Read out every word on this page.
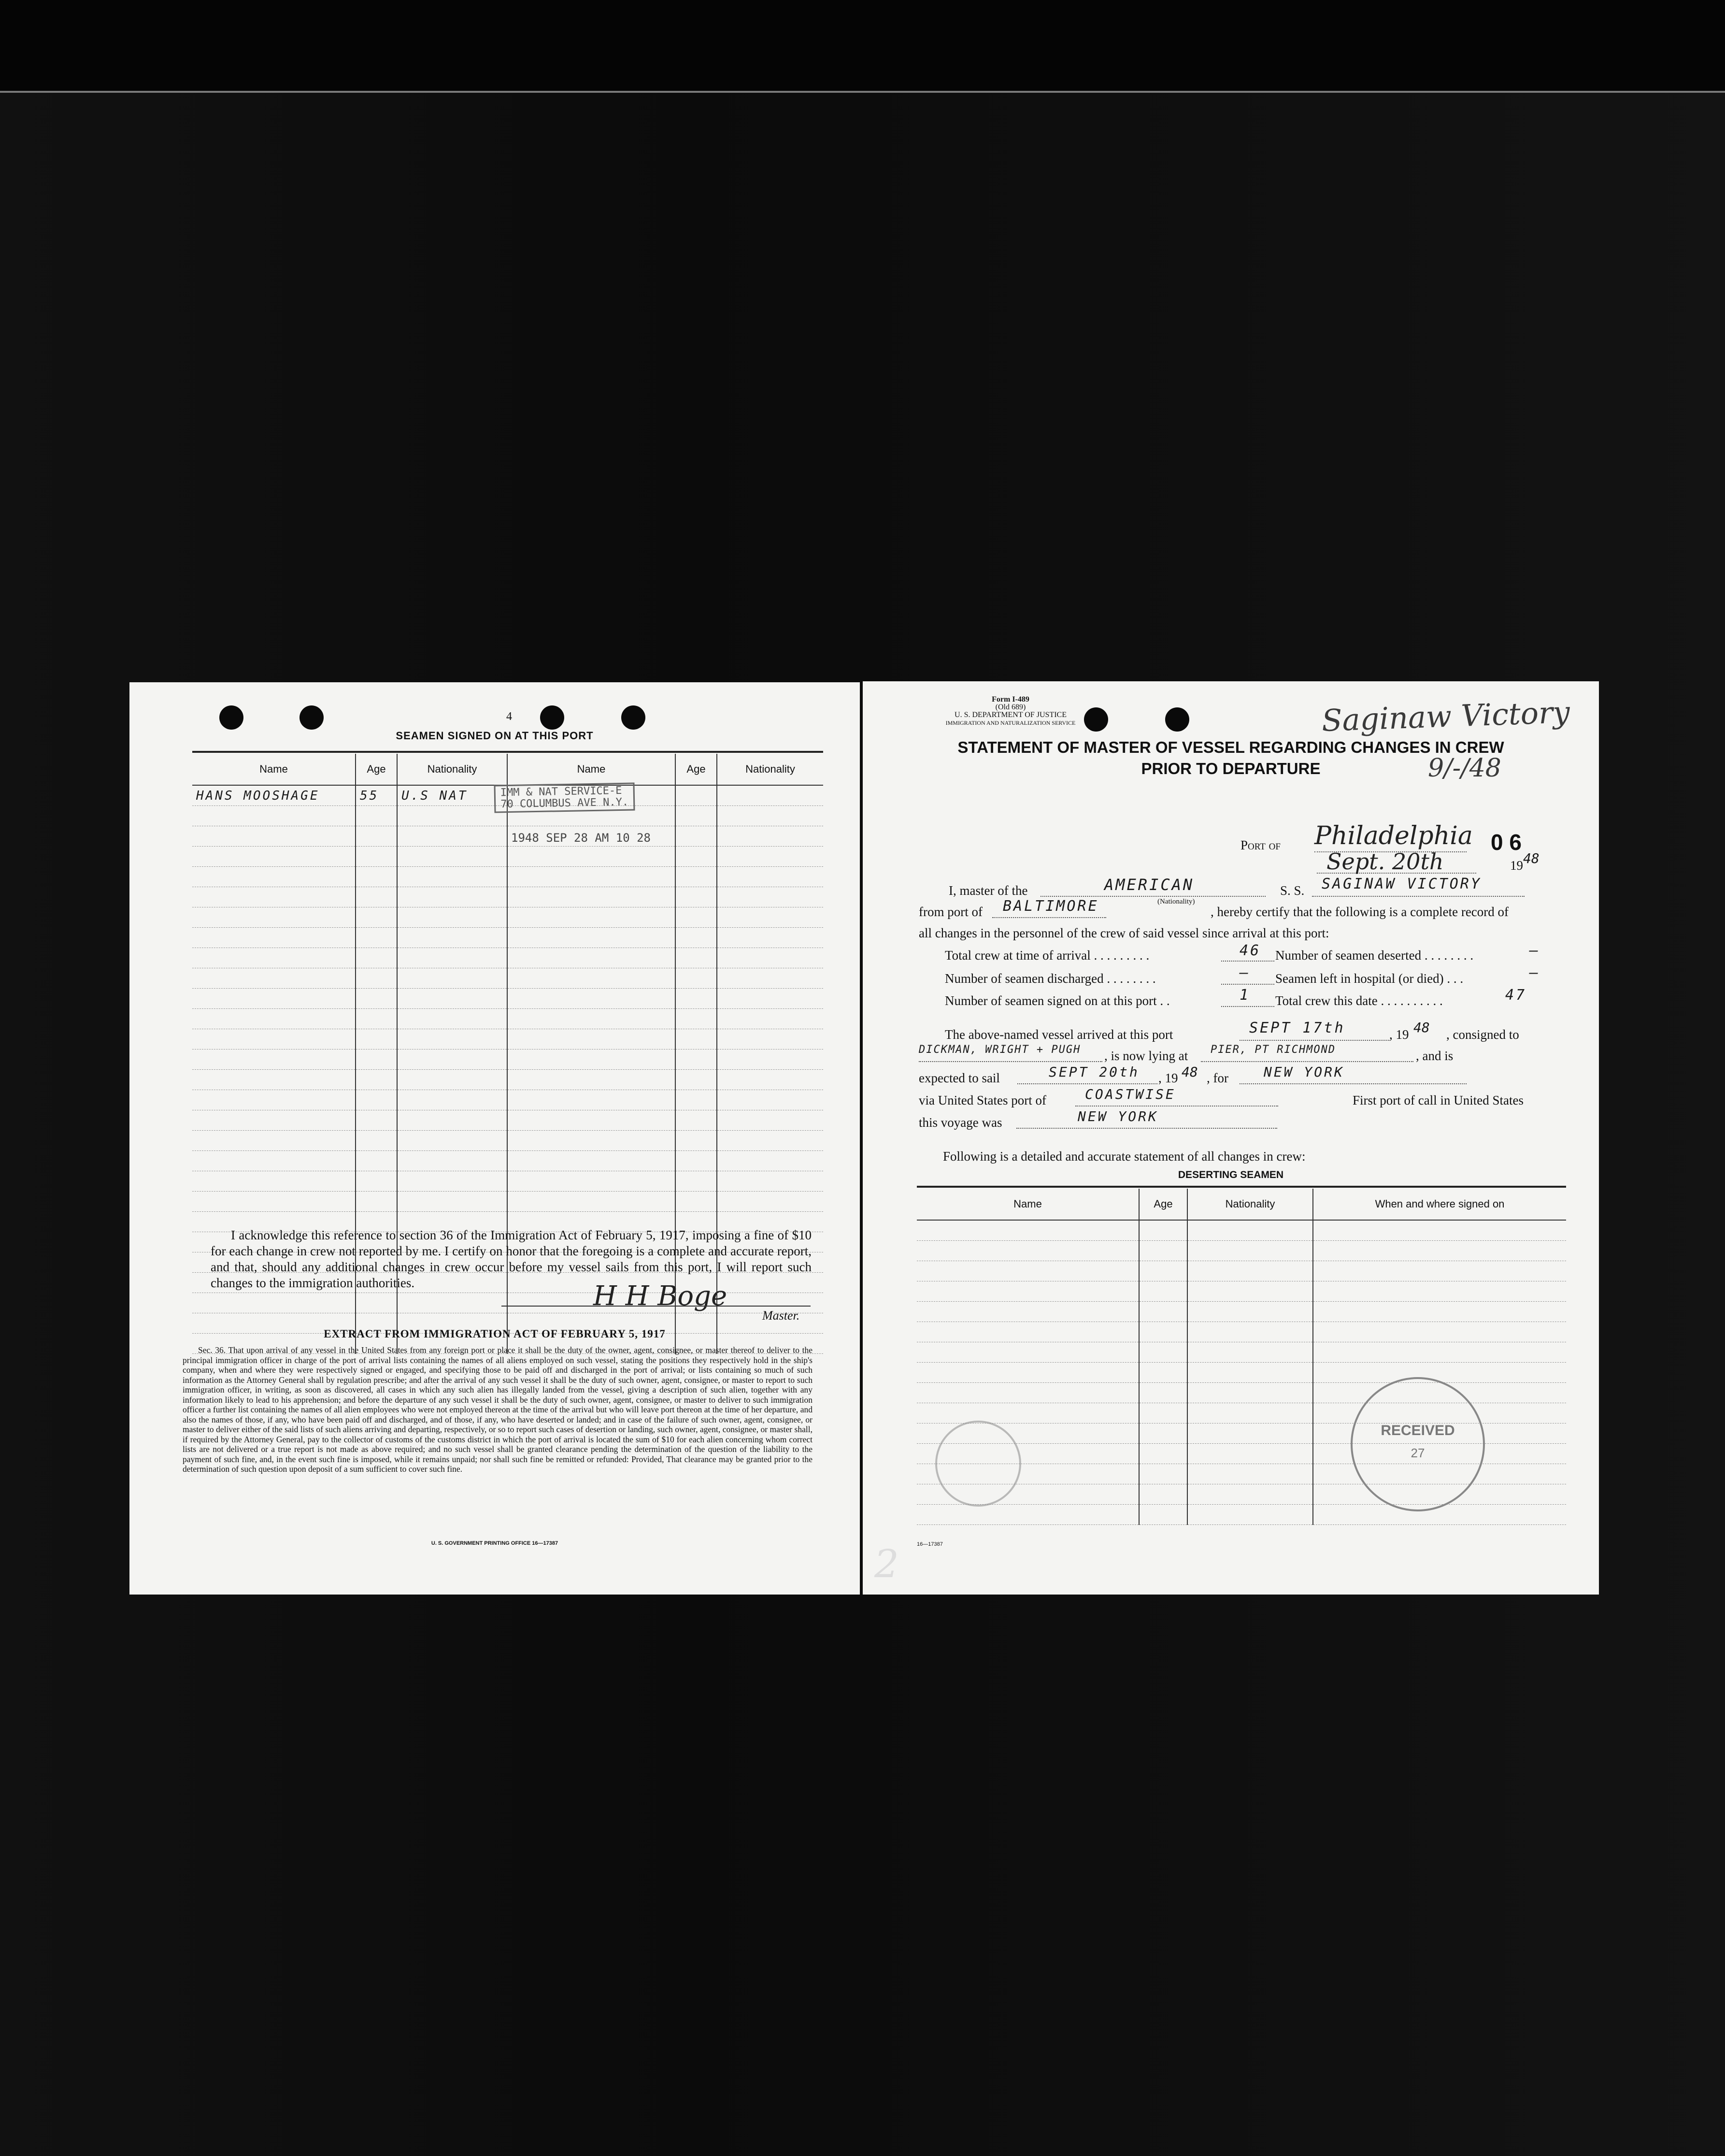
4
SEAMEN SIGNED ON AT THIS PORT
Name	Age	Nationality	Name	Age	Nationality
HANS MOOSHAGE	55	U.S NAT			

						IMM & NAT SERVICE-E
70 COLUMBUS AVE N.Y.
1948 SEP 28 AM 10 28
I acknowledge this reference to section 36 of the Immigration Act of February 5, 1917, imposing a fine of $10 for each change in crew not reported by me. I certify on honor that the foregoing is a complete and accurate report, and that, should any additional changes in crew occur before my vessel sails from this port, I will report such changes to the immigration authorities.	H H Boge
Master.
EXTRACT FROM IMMIGRATION ACT OF FEBRUARY 5, 1917
Sec. 36. That upon arrival of any vessel in the United States from any foreign port or place it shall be the duty of the owner, agent, consignee, or master thereof to deliver to the principal immigration officer in charge of the port of arrival lists containing the names of all aliens employed on such vessel, stating the positions they respectively hold in the ship's company, when and where they were respectively signed or engaged, and specifying those to be paid off and discharged in the port of arrival; or lists containing so much of such information as the Attorney General shall by regulation prescribe; and after the arrival of any such vessel it shall be the duty of such owner, agent, consignee, or master to report to such immigration officer, in writing, as soon as discovered, all cases in which any such alien has illegally landed from the vessel, giving a description of such alien, together with any information likely to lead to his apprehension; and before the departure of any such vessel it shall be the duty of such owner, agent, consignee, or master to deliver to such immigration officer a further list containing the names of all alien employees who were not employed thereon at the time of the arrival but who will leave port thereon at the time of her departure, and also the names of those, if any, who have been paid off and discharged, and of those, if any, who have deserted or landed; and in case of the failure of such owner, agent, consignee, or master to deliver either of the said lists of such aliens arriving and departing, respectively, or so to report such cases of desertion or landing, such owner, agent, consignee, or master shall, if required by the Attorney General, pay to the collector of customs of the customs district in which the port of arrival is located the sum of $10 for each alien concerning whom correct lists are not delivered or a true report is not made as above required; and no such vessel shall be granted clearance pending the determination of the question of the liability to the payment of such fine, and, in the event such fine is imposed, while it remains unpaid; nor shall such fine be remitted or refunded: Provided, That clearance may be granted prior to the determination of such question upon deposit of a sum sufficient to cover such fine.
U. S. GOVERNMENT PRINTING OFFICE 16—17387
Form I-489
(Old 689)
U. S. DEPARTMENT OF JUSTICE
IMMIGRATION AND NATURALIZATION SERVICE	Saginaw Victory
9/-/48
STATEMENT OF MASTER OF VESSEL REGARDING CHANGES IN CREW
PRIOR TO DEPARTURE
Port of Philadelphia 0 6
Sept. 20th	19 48
I, master of the	AMERICAN
(Nationality)
S. S. SAGINAW VICTORY
from port of BALTIMORE	, hereby certify that the following is a complete record of
all changes in the personnel of the crew of said vessel since arrival at this port:
Total crew at time of arrival . . . . . . . . .	46 Number of seamen deserted . . . . . . . .	—
Number of seamen discharged . . . . . . . .	— Seamen left in hospital (or died) . . .	—
Number of seamen signed on at this port . .	1 Total crew this date . . . . . . . . . .	47
The above-named vessel arrived at this port	SEPT 17th	, 19 48 , consigned to
DICKMAN, WRIGHT + PUGH , is now lying at PIER, PT RICHMOND	, and is
expected to sail	SEPT 20th , 19 48 , for	NEW YORK
via United States port of	COASTWISE	First port of call in United States
this voyage was	NEW YORK
Following is a detailed and accurate statement of all changes in crew:
DESERTING SEAMEN
Name	Age	Nationality	When and where signed on

RECEIVED
27
16—17387
2
